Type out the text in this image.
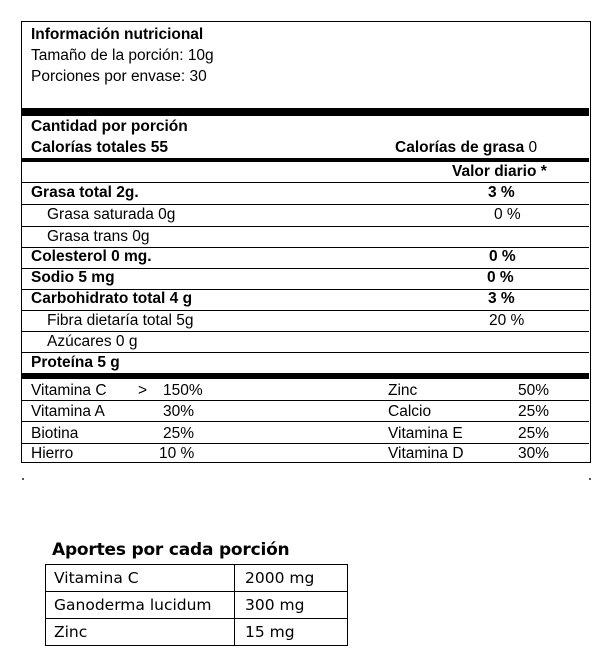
Información nutricional
Tamaño de la porción: 10g
Porciones por envase: 30
Cantidad por porción
Calorías totales 55	Calorías de grasa 0
Valor diario *
Grasa total 2g.	3 %
Grasa saturada 0g	0 %
Grasa trans 0g
Colesterol 0 mg.	0 %
Sodio 5 mg	0 %
Carbohidrato total 4 g	3 %
Fibra dietaría total 5g	20 %
Azúcares 0 g
Proteína 5 g
Vitamina C > 150%	Zinc	50%
Vitamina A	30%	Calcio	25%
Biotina	25%	Vitamina E	25%
Hierro	10 %	Vitamina D	30%
Aportes por cada porción
Vitamina C	2000 mg
Ganoderma lucidum	300 mg
Zinc	15 mg
